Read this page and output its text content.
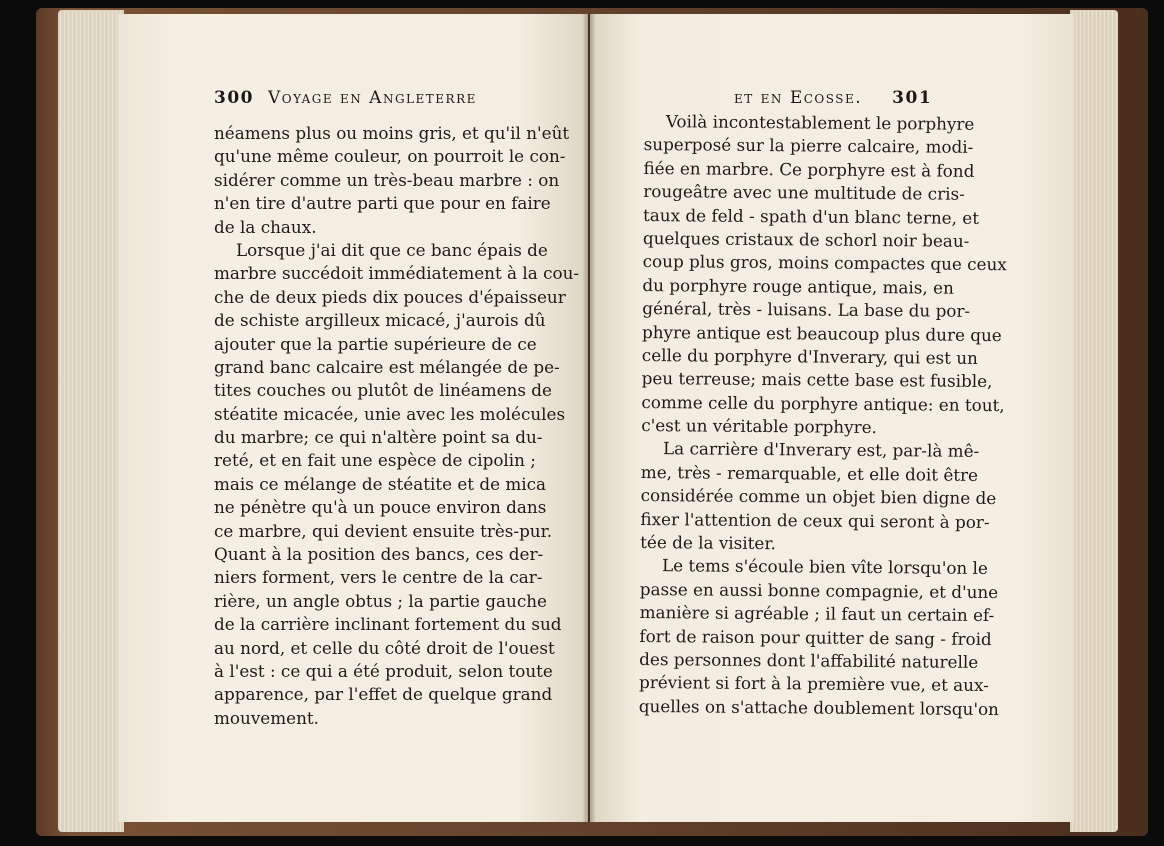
300 Voyage en Angleterre	et en Ecosse. 301
néamens plus ou moins gris, et qu'il n'eût
qu'une même couleur, on pourroit le con-
sidérer comme un très-beau marbre : on
n'en tire d'autre parti que pour en faire
de la chaux.
Lorsque j'ai dit que ce banc épais de
marbre succédoit immédiatement à la cou-
che de deux pieds dix pouces d'épaisseur
de schiste argilleux micacé, j'aurois dû
ajouter que la partie supérieure de ce
grand banc calcaire est mélangée de pe-
tites couches ou plutôt de linéamens de
stéatite micacée, unie avec les molécules
du marbre; ce qui n'altère point sa du-
reté, et en fait une espèce de cipolin ;
mais ce mélange de stéatite et de mica
ne pénètre qu'à un pouce environ dans
ce marbre, qui devient ensuite très-pur.
Quant à la position des bancs, ces der-
niers forment, vers le centre de la car-
rière, un angle obtus ; la partie gauche
de la carrière inclinant fortement du sud
au nord, et celle du côté droit de l'ouest
à l'est : ce qui a été produit, selon toute
apparence, par l'effet de quelque grand
mouvement.
Voilà incontestablement le porphyre
superposé sur la pierre calcaire, modi-
fiée en marbre. Ce porphyre est à fond
rougeâtre avec une multitude de cris-
taux de feld - spath d'un blanc terne, et
quelques cristaux de schorl noir beau-
coup plus gros, moins compactes que ceux
du porphyre rouge antique, mais, en
général, très - luisans. La base du por-
phyre antique est beaucoup plus dure que
celle du porphyre d'Inverary, qui est un
peu terreuse; mais cette base est fusible,
comme celle du porphyre antique: en tout,
c'est un véritable porphyre.
La carrière d'Inverary est, par-là mê-
me, très - remarquable, et elle doit être
considérée comme un objet bien digne de
fixer l'attention de ceux qui seront à por-
tée de la visiter.
Le tems s'écoule bien vîte lorsqu'on le
passe en aussi bonne compagnie, et d'une
manière si agréable ; il faut un certain ef-
fort de raison pour quitter de sang - froid
des personnes dont l'affabilité naturelle
prévient si fort à la première vue, et aux-
quelles on s'attache doublement lorsqu'on
